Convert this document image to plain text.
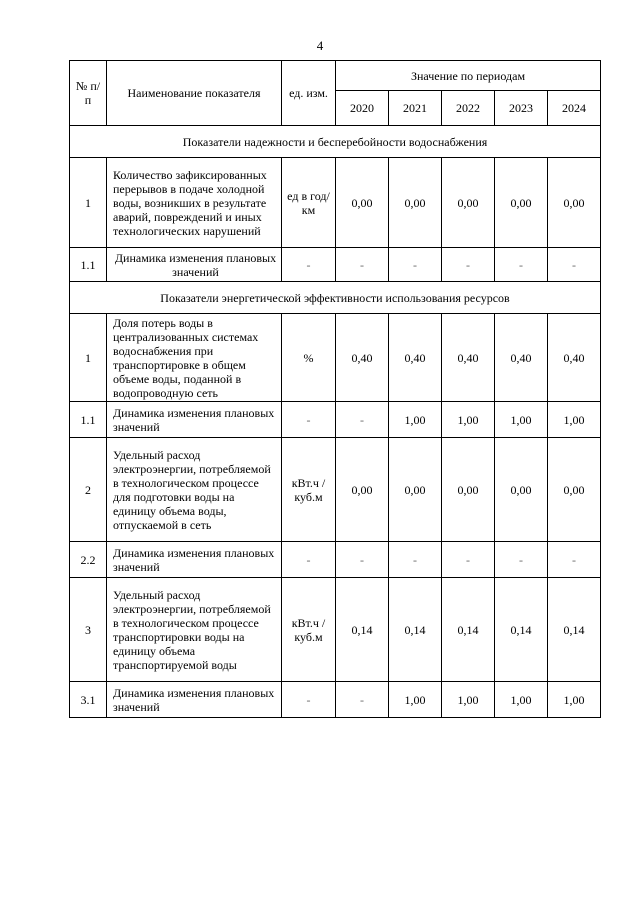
4
№ п/п	Наименование показателя	ед. изм.	Значение по периодам				
			2020	2021	2022	2023	2024
Показатели надежности и бесперебойности водоснабжения							
1	Количество зафиксированных перерывов в подаче холодной воды, возникших в результате аварий, повреждений и иных технологических нарушений	ед в год/ км	0,00	0,00	0,00	0,00	0,00
1.1	Динамика изменения плановых значений	-	-	-	-	-	-
Показатели энергетической эффективности использования ресурсов							
1	Доля потерь воды в централизованных системах водоснабжения при транспортировке в общем объеме воды, поданной в водопроводную сеть	%	0,40	0,40	0,40	0,40	0,40
1.1	Динамика изменения плановых значений	-	-	1,00	1,00	1,00	1,00
2	Удельный расход электроэнергии, потребляемой в технологическом процессе для подготовки воды на единицу объема воды, отпускаемой в сеть	кВт.ч / куб.м	0,00	0,00	0,00	0,00	0,00
2.2	Динамика изменения плановых значений	-	-	-	-	-	-
3	Удельный расход электроэнергии, потребляемой в технологическом процессе транспортировки воды на единицу объема транспортируемой воды	кВт.ч / куб.м	0,14	0,14	0,14	0,14	0,14
3.1	Динамика изменения плановых значений	-	-	1,00	1,00	1,00	1,00
